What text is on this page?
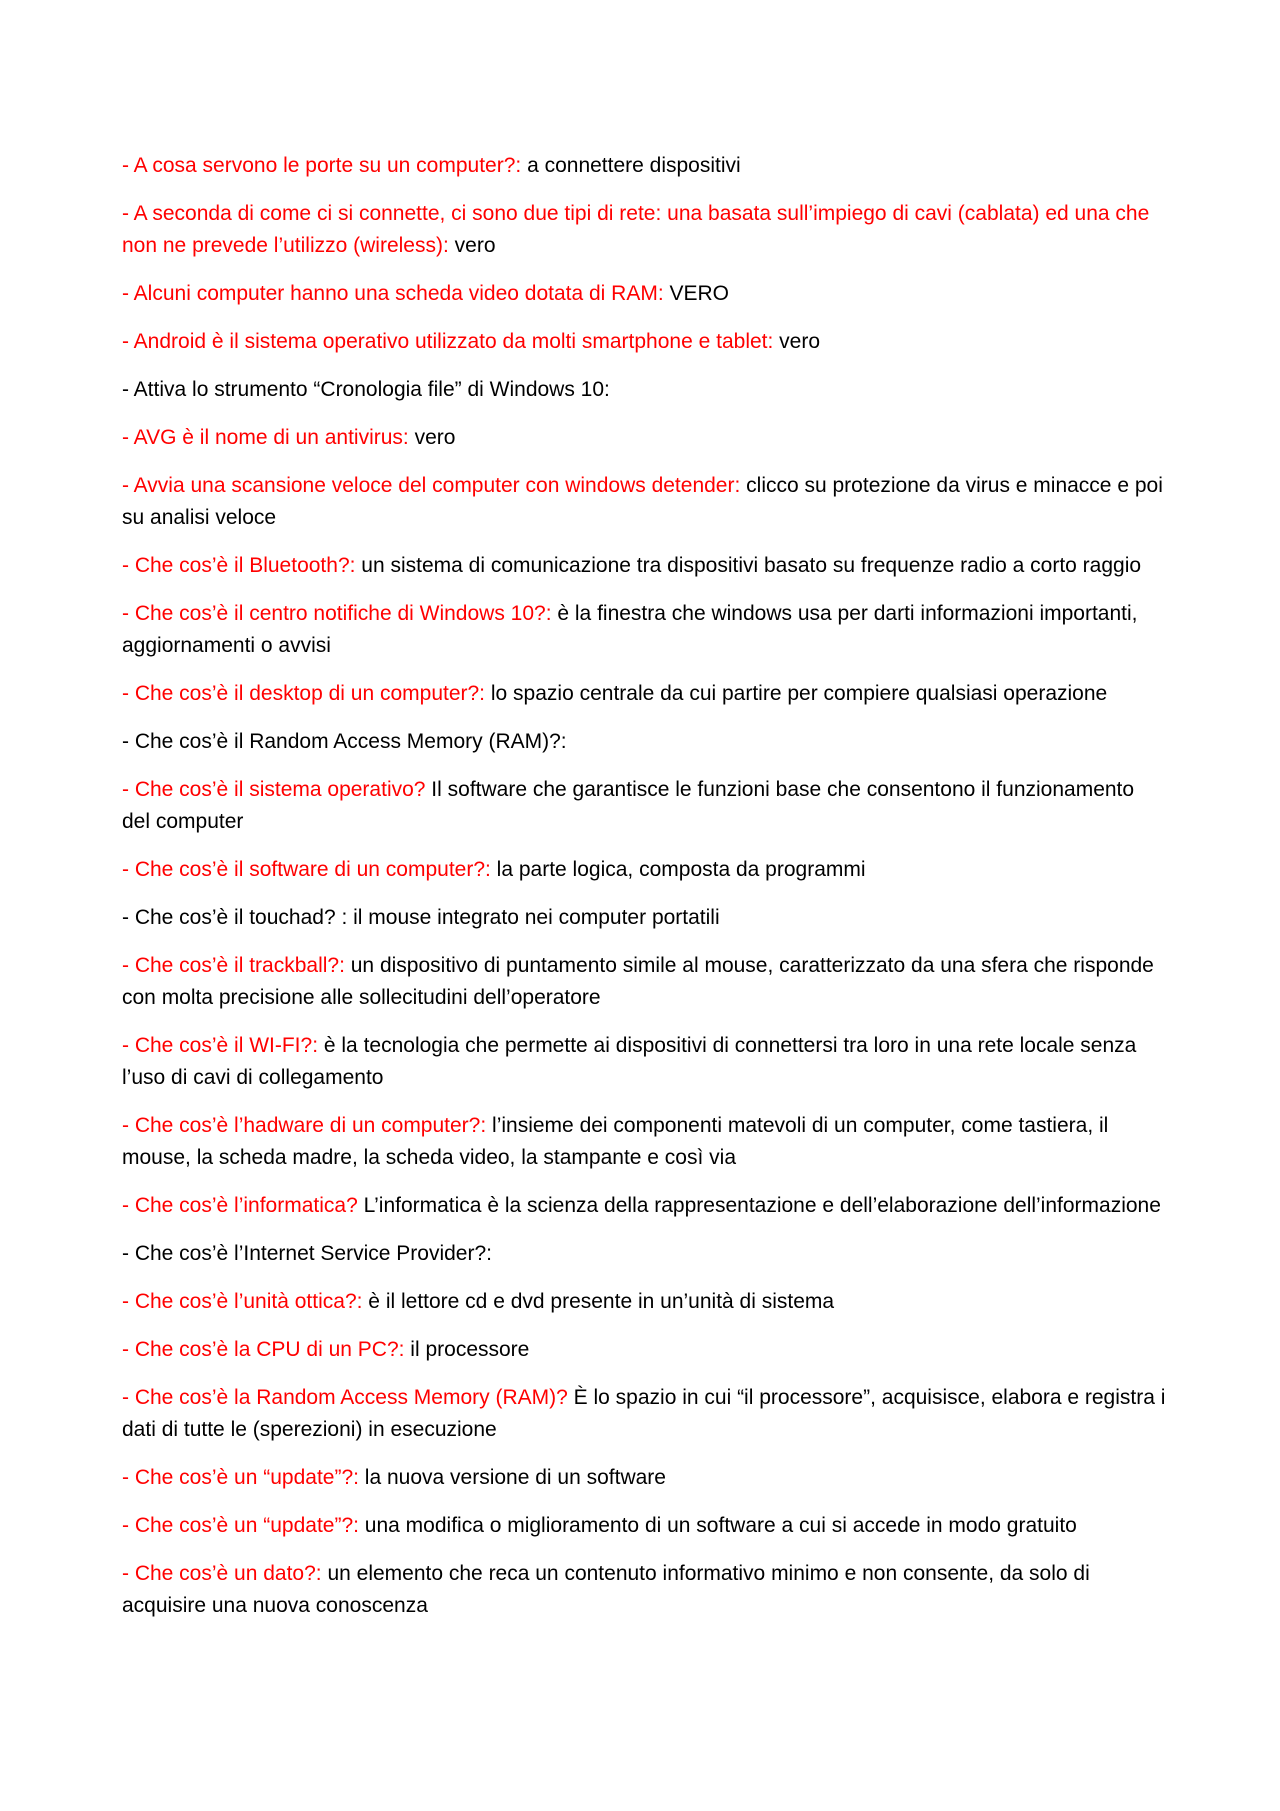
- A cosa servono le porte su un computer?: a connettere dispositivi

- A seconda di come ci si connette, ci sono due tipi di rete: una basata sull’impiego di cavi (cablata) ed una che non ne prevede l’utilizzo (wireless): vero

- Alcuni computer hanno una scheda video dotata di RAM: VERO

- Android è il sistema operativo utilizzato da molti smartphone e tablet: vero

- Attiva lo strumento “Cronologia file” di Windows 10:

- AVG è il nome di un antivirus: vero

- Avvia una scansione veloce del computer con windows detender: clicco su protezione da virus e minacce e poi su analisi veloce

- Che cos’è il Bluetooth?: un sistema di comunicazione tra dispositivi basato su frequenze radio a corto raggio

- Che cos’è il centro notifiche di Windows 10?: è la finestra che windows usa per darti informazioni importanti, aggiornamenti o avvisi

- Che cos’è il desktop di un computer?: lo spazio centrale da cui partire per compiere qualsiasi operazione

- Che cos’è il Random Access Memory (RAM)?:

- Che cos’è il sistema operativo? Il software che garantisce le funzioni base che consentono il funzionamento del computer

- Che cos’è il software di un computer?: la parte logica, composta da programmi

- Che cos’è il touchad? : il mouse integrato nei computer portatili

- Che cos’è il trackball?: un dispositivo di puntamento simile al mouse, caratterizzato da una sfera che risponde con molta precisione alle sollecitudini dell’operatore

- Che cos’è il WI-FI?: è la tecnologia che permette ai dispositivi di connettersi tra loro in una rete locale senza l’uso di cavi di collegamento

- Che cos’è l’hadware di un computer?: l’insieme dei componenti matevoli di un computer, come tastiera, il mouse, la scheda madre, la scheda video, la stampante e così via

- Che cos’è l’informatica? L’informatica è la scienza della rappresentazione e dell’elaborazione dell’informazione

- Che cos’è l’Internet Service Provider?:

- Che cos’è l’unità ottica?: è il lettore cd e dvd presente in un’unità di sistema

- Che cos’è la CPU di un PC?: il processore

- Che cos’è la Random Access Memory (RAM)? È lo spazio in cui “il processore”, acquisisce, elabora e registra i dati di tutte le (sperezioni) in esecuzione

- Che cos’è un “update”?: la nuova versione di un software

- Che cos’è un “update”?: una modifica o miglioramento di un software a cui si accede in modo gratuito

- Che cos’è un dato?: un elemento che reca un contenuto informativo minimo e non consente, da solo di acquisire una nuova conoscenza
